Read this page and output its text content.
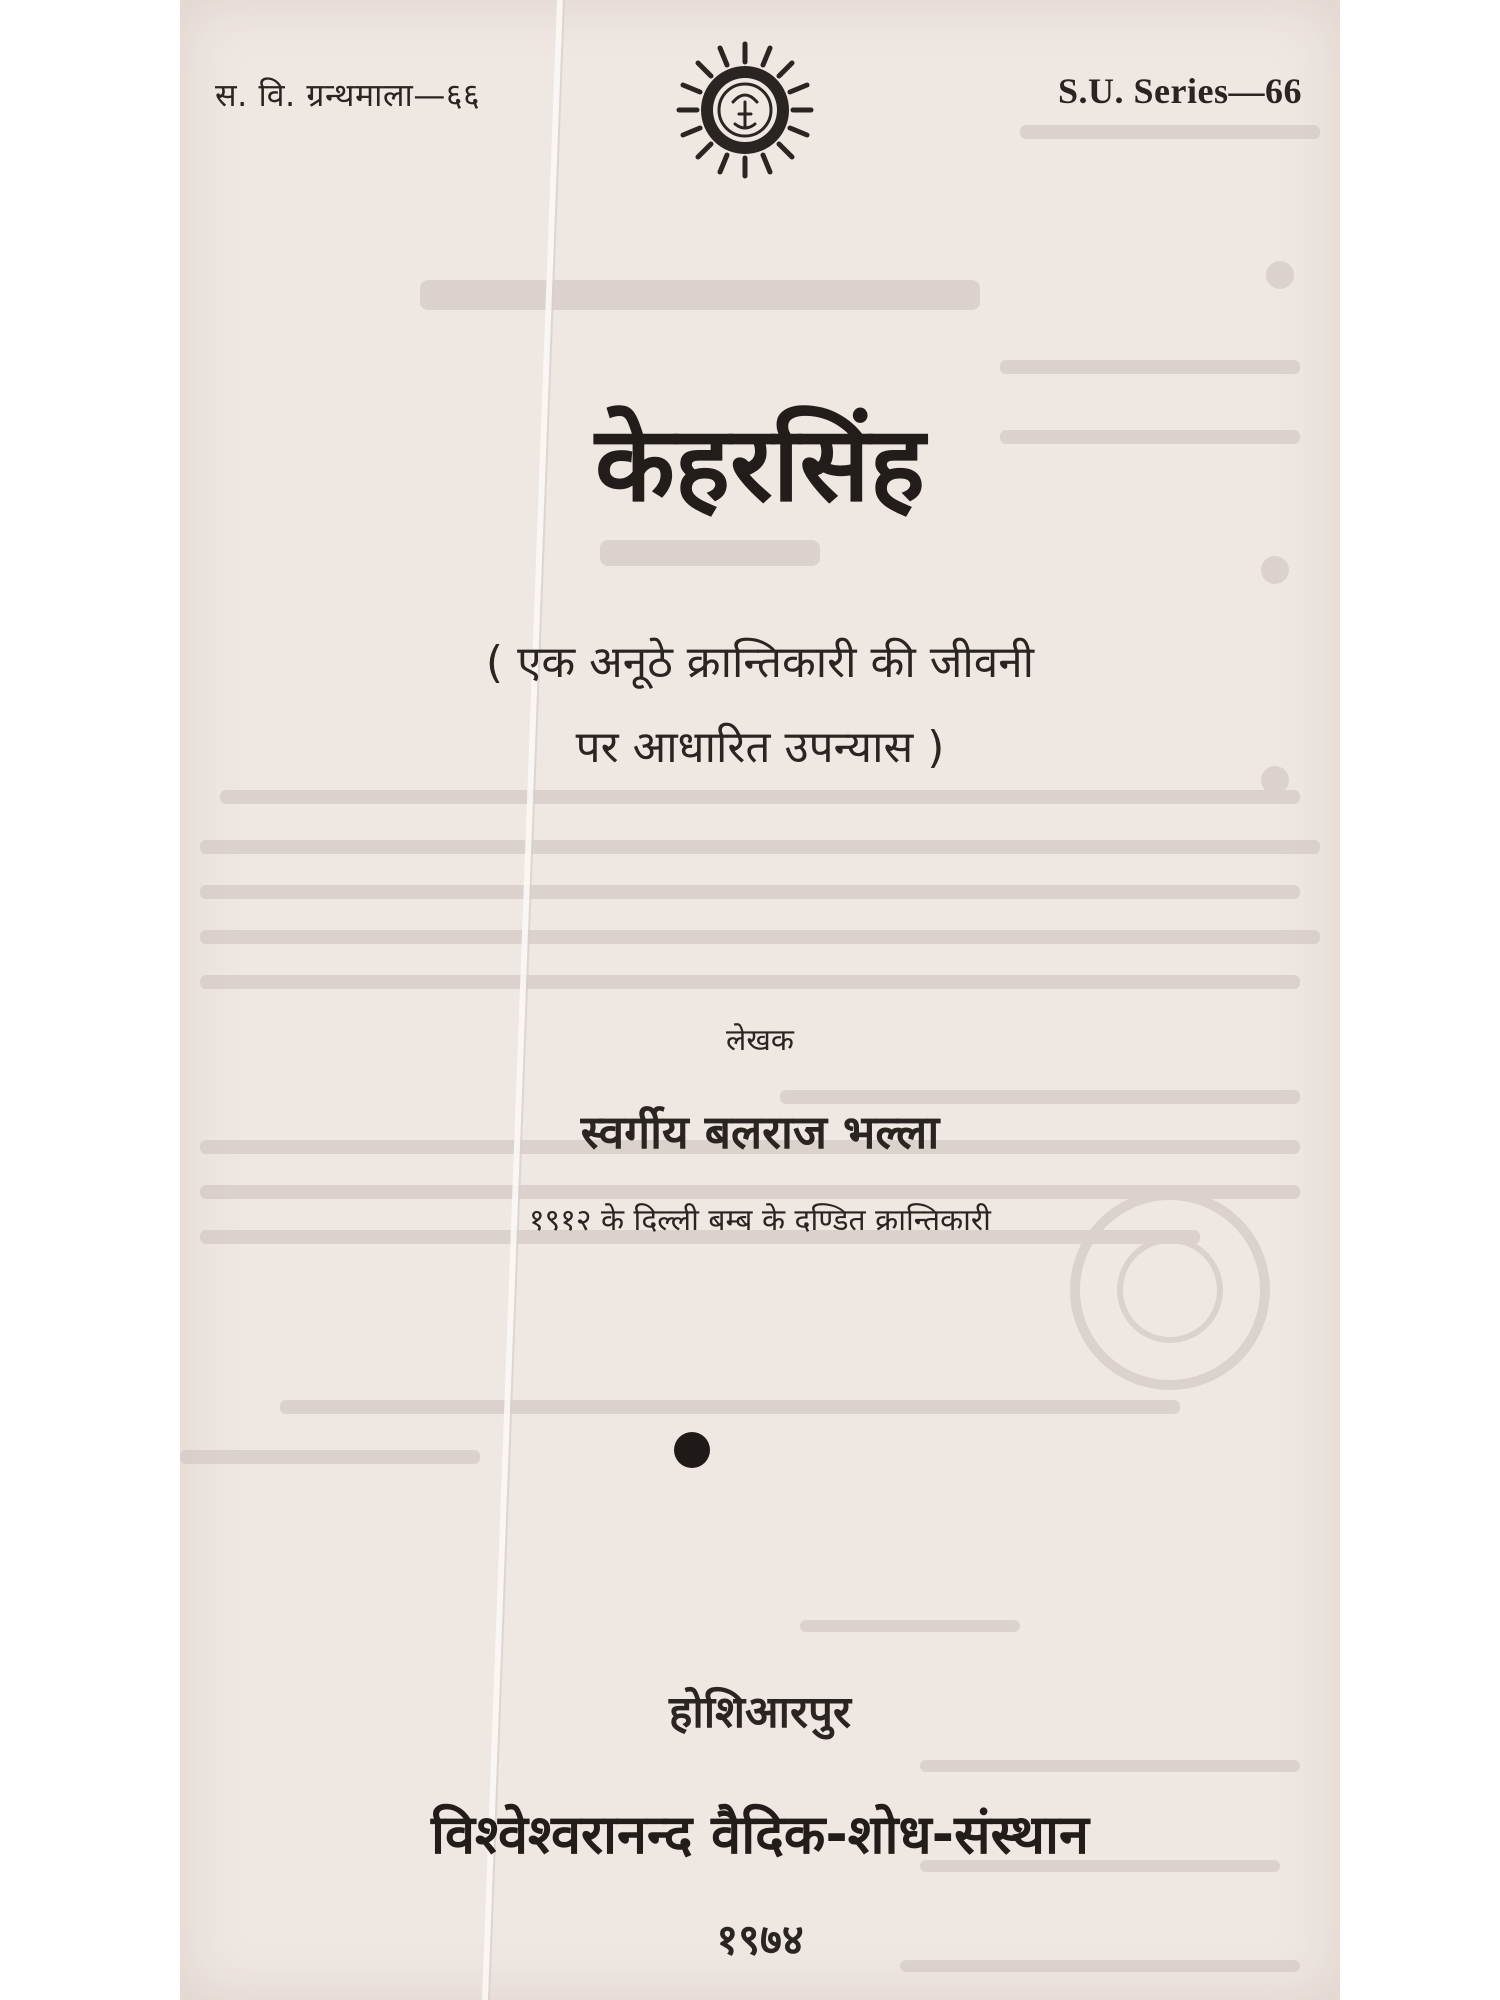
स. वि. ग्रन्थमाला—६६	S.U. Series—66
केहरसिंह
( एक अनूठे क्रान्तिकारी की जीवनी
पर आधारित उपन्यास )
लेखक
स्वर्गीय बलराज भल्ला
१९१२ के दिल्ली बम्ब के दण्डित क्रान्तिकारी
होशिआरपुर
विश्वेश्वरानन्द वैदिक-शोध-संस्थान
१९७४
